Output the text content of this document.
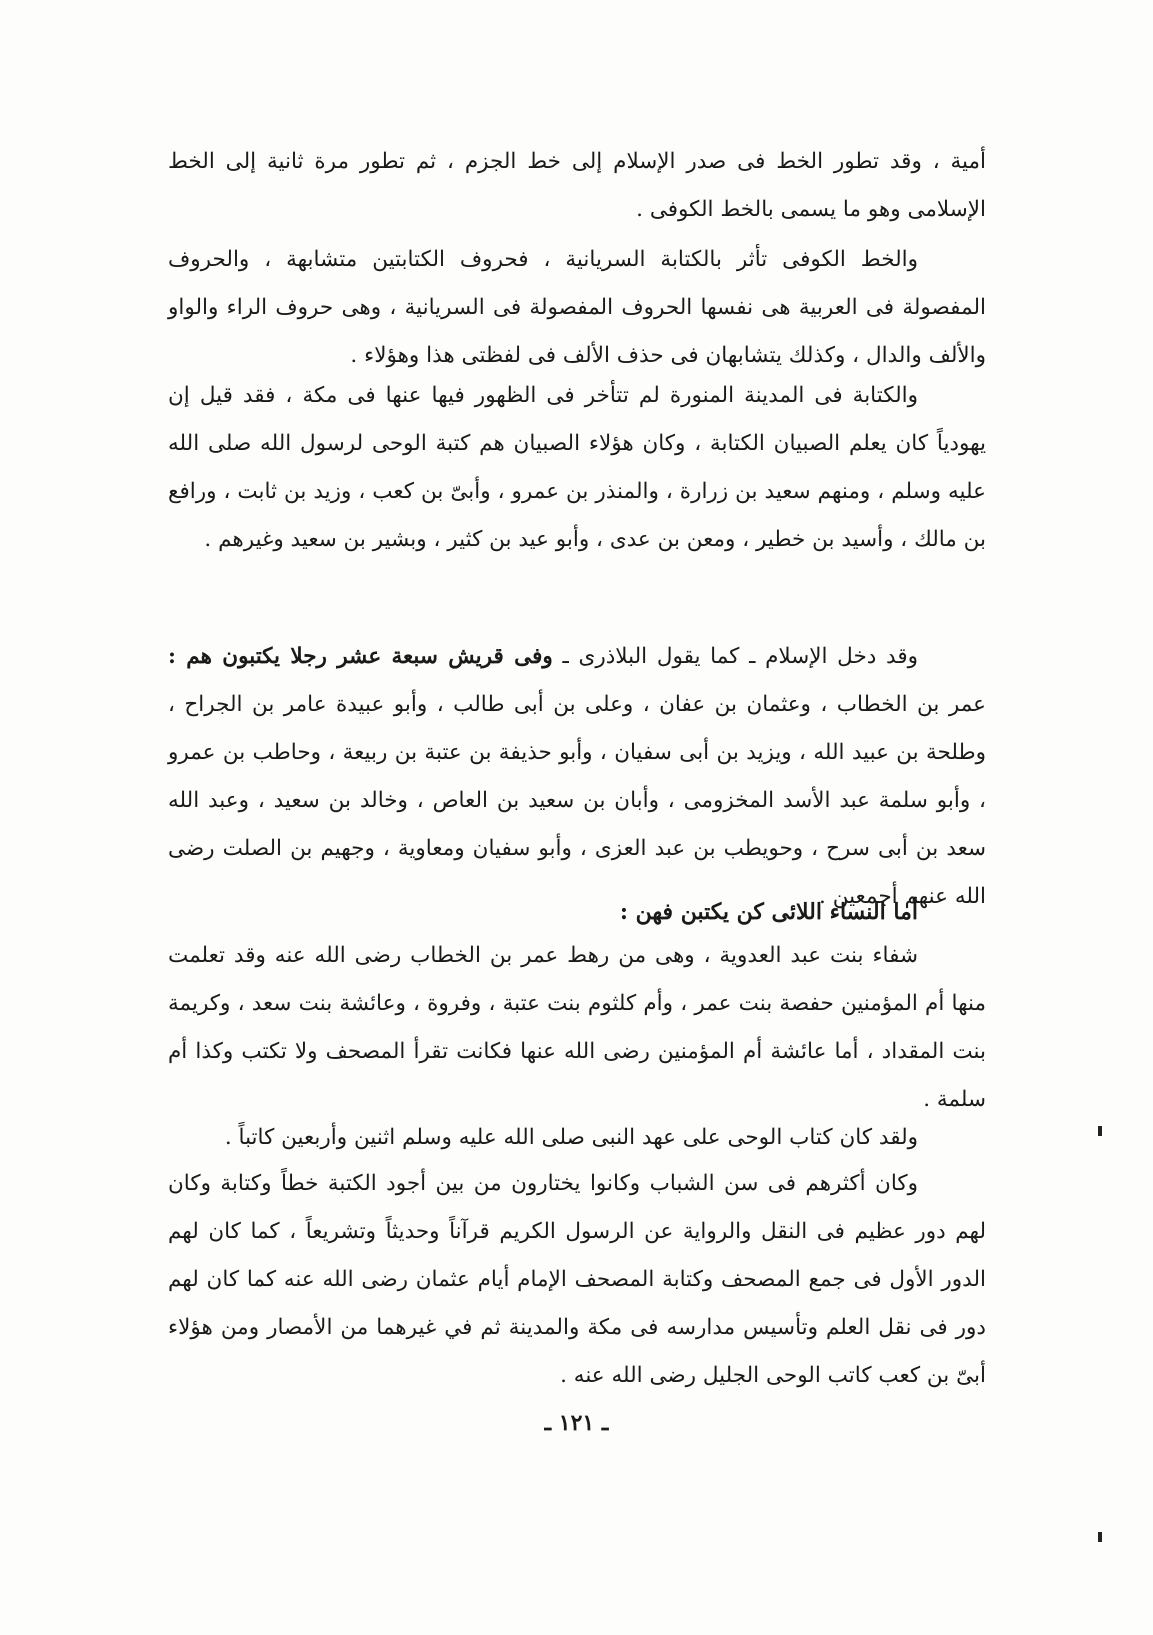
أمية ، وقد تطور الخط فى صدر الإسلام إلى خط الجزم ، ثم تطور مرة ثانية إلى الخط الإسلامى وهو ما يسمى بالخط الكوفى .

والخط الكوفى تأثر بالكتابة السريانية ، فحروف الكتابتين متشابهة ، والحروف المفصولة فى العربية هى نفسها الحروف المفصولة فى السريانية ، وهى حروف الراء والواو والألف والدال ، وكذلك يتشابهان فى حذف الألف فى لفظتى هذا وهؤلاء .

والكتابة فى المدينة المنورة لم تتأخر فى الظهور فيها عنها فى مكة ، فقد قيل إن يهودياً كان يعلم الصبيان الكتابة ، وكان هؤلاء الصبيان هم كتبة الوحى لرسول الله صلى الله عليه وسلم ، ومنهم سعيد بن زرارة ، والمنذر بن عمرو ، وأبىّ بن كعب ، وزيد بن ثابت ، ورافع بن مالك ، وأسيد بن خطير ، ومعن بن عدى ، وأبو عيد بن كثير ، وبشير بن سعيد وغيرهم .

وقد دخل الإسلام ـ كما يقول البلاذرى ـ وفى قريش سبعة عشر رجلا يكتبون هم : عمر بن الخطاب ، وعثمان بن عفان ، وعلى بن أبى طالب ، وأبو عبيدة عامر بن الجراح ، وطلحة بن عبيد الله ، ويزيد بن أبى سفيان ، وأبو حذيفة بن عتبة بن ربيعة ، وحاطب بن عمرو ، وأبو سلمة عبد الأسد المخزومى ، وأبان بن سعيد بن العاص ، وخالد بن سعيد ، وعبد الله سعد بن أبى سرح ، وحويطب بن عبد العزى ، وأبو سفيان ومعاوية ، وجهيم بن الصلت رضى الله عنهم أجمعين .

أما النساء اللائى كن يكتبن فهن :

شفاء بنت عبد العدوية ، وهى من رهط عمر بن الخطاب رضى الله عنه وقد تعلمت منها أم المؤمنين حفصة بنت عمر ، وأم كلثوم بنت عتبة ، وفروة ، وعائشة بنت سعد ، وكريمة بنت المقداد ، أما عائشة أم المؤمنين رضى الله عنها فكانت تقرأ المصحف ولا تكتب وكذا أم سلمة .

ولقد كان كتاب الوحى على عهد النبى صلى الله عليه وسلم اثنين وأربعين كاتباً .

وكان أكثرهم فى سن الشباب وكانوا يختارون من بين أجود الكتبة خطاً وكتابة وكان لهم دور عظيم فى النقل والرواية عن الرسول الكريم قرآناً وحديثاً وتشريعاً ، كما كان لهم الدور الأول فى جمع المصحف وكتابة المصحف الإمام أيام عثمان رضى الله عنه كما كان لهم دور فى نقل العلم وتأسيس مدارسه فى مكة والمدينة ثم في غيرهما من الأمصار ومن هؤلاء أبىّ بن كعب كاتب الوحى الجليل رضى الله عنه .

ـ ١٢١ ـ
